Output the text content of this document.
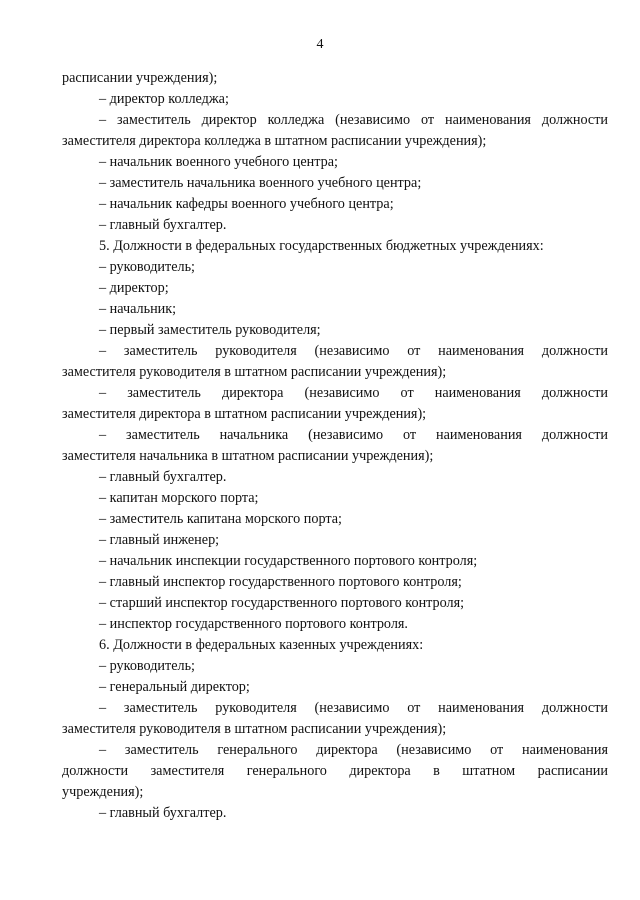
4
расписании учреждения);
– директор колледжа;
– заместитель директор колледжа (независимо от наименования должности
заместителя директора колледжа в штатном расписании учреждения);
– начальник военного учебного центра;
– заместитель начальника военного учебного центра;
– начальник кафедры военного учебного центра;
– главный бухгалтер.
5. Должности в федеральных государственных бюджетных учреждениях:
– руководитель;
– директор;
– начальник;
– первый заместитель руководителя;
– заместитель руководителя (независимо от наименования должности
заместителя руководителя в штатном расписании учреждения);
– заместитель директора (независимо от наименования должности
заместителя директора в штатном расписании учреждения);
– заместитель начальника (независимо от наименования должности
заместителя начальника в штатном расписании учреждения);
– главный бухгалтер.
– капитан морского порта;
– заместитель капитана морского порта;
– главный инженер;
– начальник инспекции государственного портового контроля;
– главный инспектор государственного портового контроля;
– старший инспектор государственного портового контроля;
– инспектор государственного портового контроля.
6. Должности в федеральных казенных учреждениях:
– руководитель;
– генеральный директор;
– заместитель руководителя (независимо от наименования должности
заместителя руководителя в штатном расписании учреждения);
– заместитель генерального директора (независимо от наименования
должности заместителя генерального директора в штатном расписании
учреждения);
– главный бухгалтер.
